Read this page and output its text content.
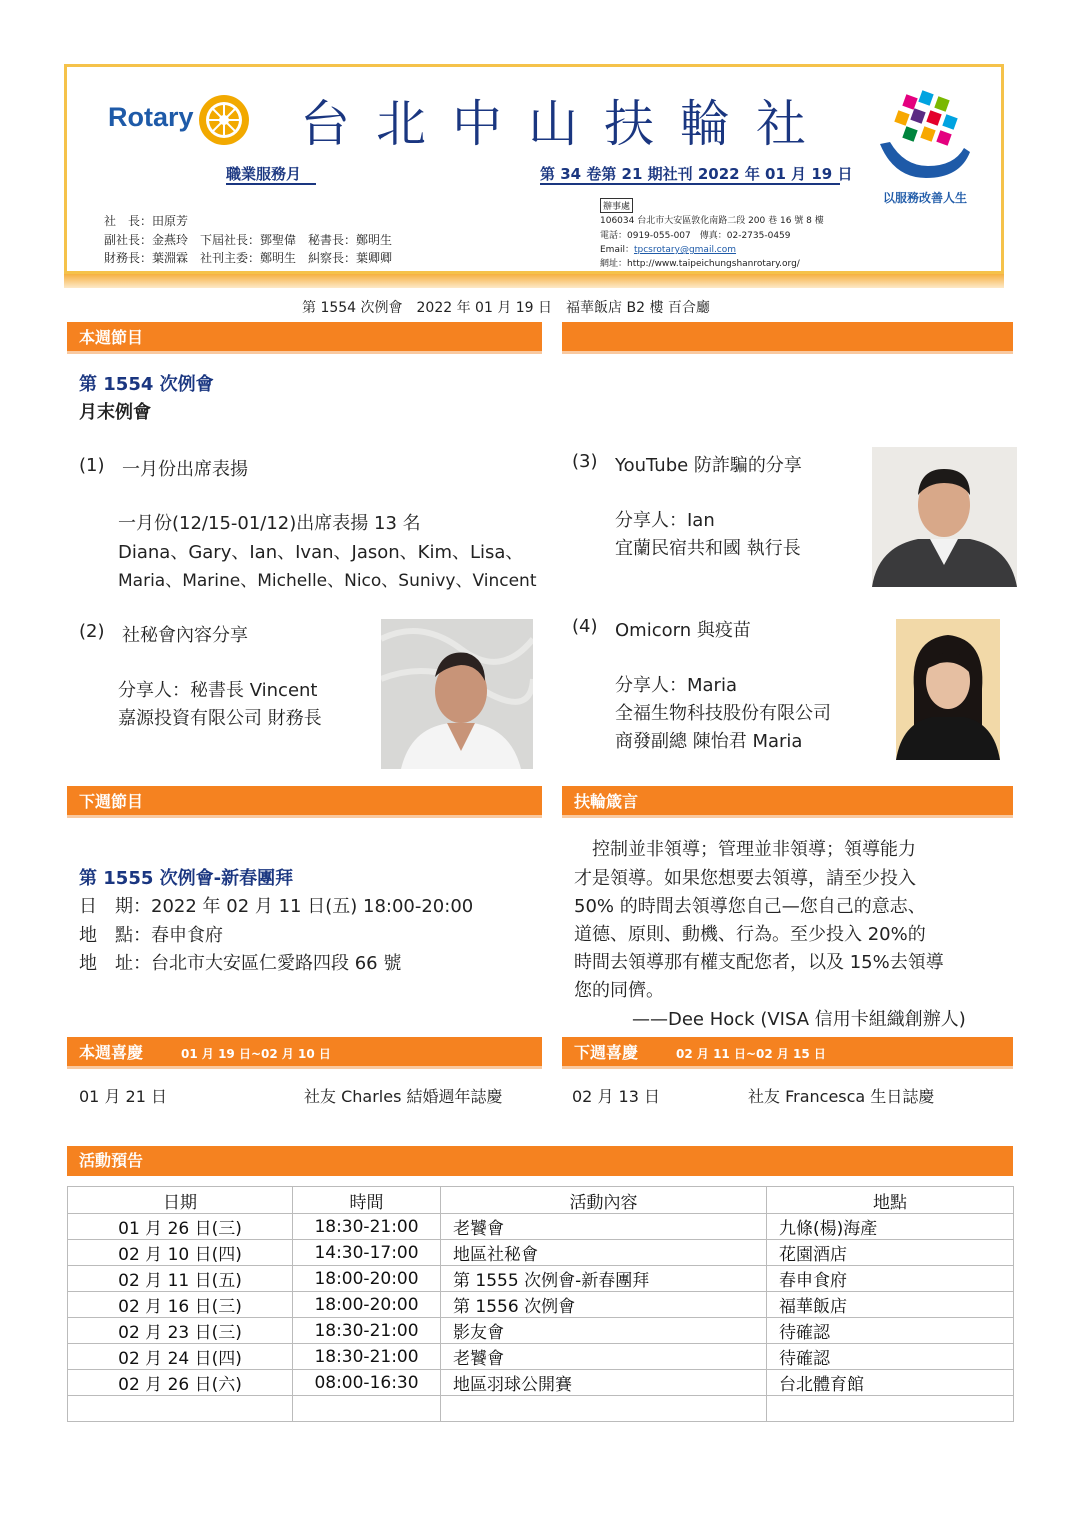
Rotary 台北中山扶輪社
職業服務月	第 34 卷第 21 期社刊 2022 年 01 月 19 日
以服務改善人生
社　長：田原芳
副社長：金燕玲　下屆社長：鄧聖偉　秘書長：鄭明生
財務長：葉淵霖　社刊主委：鄭明生　糾察長：葉卿卿
辦事處
106034 台北市大安區敦化南路二段 200 巷 16 號 8 樓
電話：0919-055-007　傳真：02-2735-0459
Email：tpcsrotary@gmail.com
網址：http://www.taipeichungshanrotary.org/
第 1554 次例會　2022 年 01 月 19 日　福華飯店 B2 樓 百合廳
本週節目
第 1554 次例會
月末例會
(1) 一月份出席表揚
一月份(12/15-01/12)出席表揚 13 名
Diana、Gary、Ian、Ivan、Jason、Kim、Lisa、
Maria、Marine、Michelle、Nico、Sunivy、Vincent
(2) 社秘會內容分享
分享人：秘書長 Vincent
嘉源投資有限公司 財務長
(3) YouTube 防詐騙的分享
分享人：Ian
宜蘭民宿共和國 執行長
(4) Omicorn 與疫苗
分享人：Maria
全福生物科技股份有限公司
商發副總 陳怡君 Maria
下週節目
第 1555 次例會-新春團拜
日　期：2022 年 02 月 11 日(五) 18:00-20:00
地　點：春申食府
地　址：台北市大安區仁愛路四段 66 號
扶輪箴言
　控制並非領導；管理並非領導；領導能力
才是領導。如果您想要去領導，請至少投入
50% 的時間去領導您自己—您自己的意志、
道德、原則、動機、行為。至少投入 20%的
時間去領導那有權支配您者，以及 15%去領導
您的同儕。
——Dee Hock (VISA 信用卡組織創辦人)
本週喜慶	01 月 19 日~02 月 10 日
01 月 21 日	社友 Charles 結婚週年誌慶
下週喜慶	02 月 11 日~02 月 15 日
02 月 13 日	社友 Francesca 生日誌慶
活動預告
日期	時間	活動內容	地點
01 月 26 日(三)	18:30-21:00	老饕會	九條(楊)海產
02 月 10 日(四)	14:30-17:00	地區社秘會	花園酒店
02 月 11 日(五)	18:00-20:00	第 1555 次例會-新春團拜	春申食府
02 月 16 日(三)	18:00-20:00	第 1556 次例會	福華飯店
02 月 23 日(三)	18:30-21:00	影友會	待確認
02 月 24 日(四)	18:30-21:00	老饕會	待確認
02 月 26 日(六)	08:00-16:30	地區羽球公開賽	台北體育館
